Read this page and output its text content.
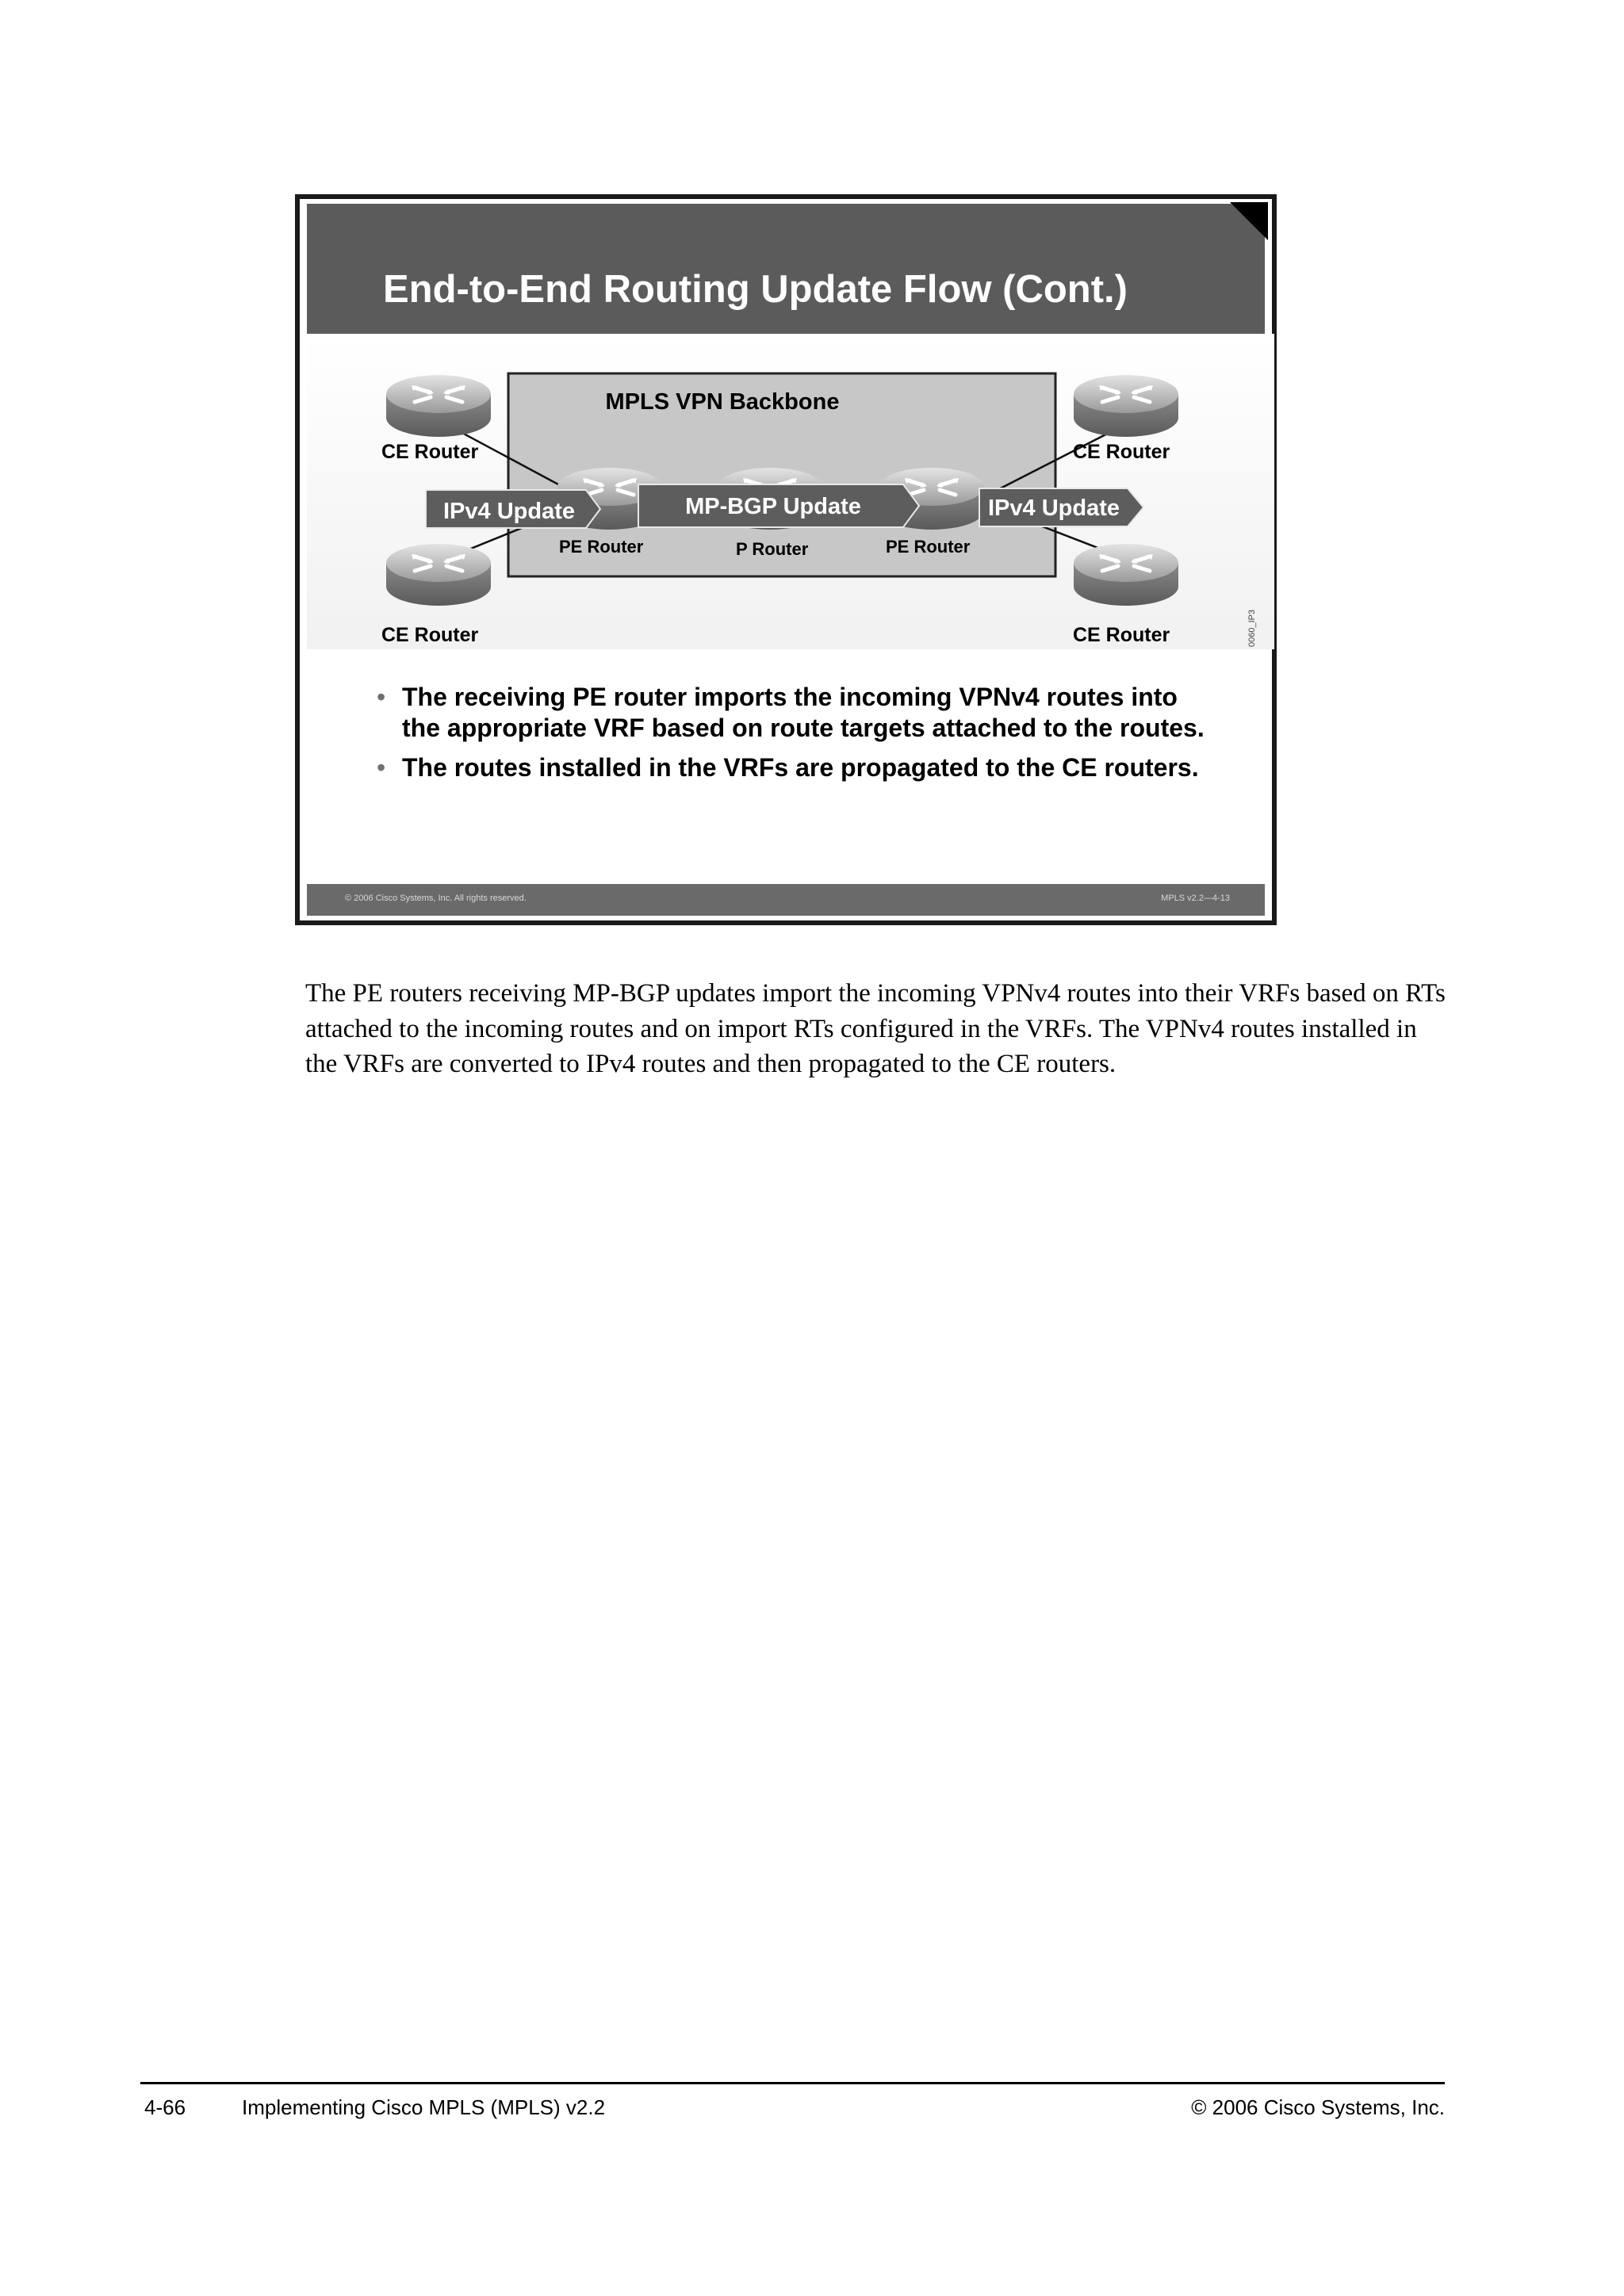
End-to-End Routing Update Flow (Cont.)
MPLS VPN Backbone
IPv4 Update	MP-BGP Update	IPv4 Update
CE Router
CE Router
CE Router
CE Router
PE Router	P Router	PE Router
0060_IP3
• The receiving PE router imports the incoming VPNv4 routes into the appropriate VRF based on route targets attached to the routes.
• The routes installed in the VRFs are propagated to the CE routers.
© 2006 Cisco Systems, Inc. All rights reserved.	MPLS v2.2—4-13

The PE routers receiving MP-BGP updates import the incoming VPNv4 routes into their VRFs based on RTs attached to the incoming routes and on import RTs configured in the VRFs. The VPNv4 routes installed in the VRFs are converted to IPv4 routes and then propagated to the CE routers.

4-66	Implementing Cisco MPLS (MPLS) v2.2	© 2006 Cisco Systems, Inc.
